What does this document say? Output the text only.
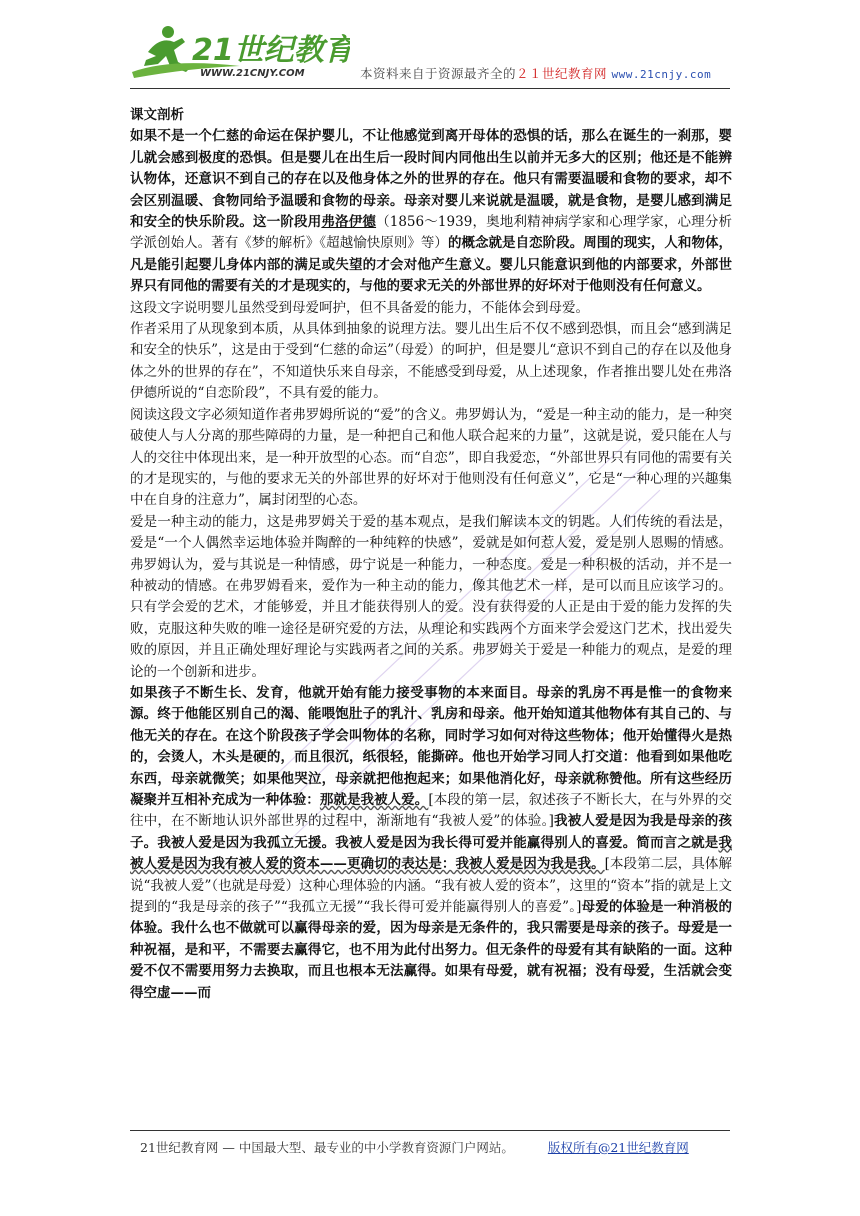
21世纪教育
WWW.21CNJY.COM	本资料来自于资源最齐全的２１世纪教育网 www.21cnjy.com

课文剖析

如果不是一个仁慈的命运在保护婴儿，不让他感觉到离开母体的恐惧的话，那么在诞生的一刹那，婴儿就会感到极度的恐惧。但是婴儿在出生后一段时间内同他出生以前并无多大的区别；他还是不能辨认物体，还意识不到自己的存在以及他身体之外的世界的存在。他只有需要温暖和食物的要求，却不会区别温暖、食物同给予温暖和食物的母亲。母亲对婴儿来说就是温暖，就是食物，是婴儿感到满足和安全的快乐阶段。这一阶段用弗洛伊德（1856～1939，奥地利精神病学家和心理学家，心理分析学派创始人。著有《梦的解析》《超越愉快原则》等）的概念就是自恋阶段。周围的现实，人和物体，凡是能引起婴儿身体内部的满足或失望的才会对他产生意义。婴儿只能意识到他的内部要求，外部世界只有同他的需要有关的才是现实的，与他的要求无关的外部世界的好坏对于他则没有任何意义。

这段文字说明婴儿虽然受到母爱呵护，但不具备爱的能力，不能体会到母爱。

作者采用了从现象到本质，从具体到抽象的说理方法。婴儿出生后不仅不感到恐惧，而且会“感到满足和安全的快乐”，这是由于受到“仁慈的命运”（母爱）的呵护，但是婴儿“意识不到自己的存在以及他身体之外的世界的存在”，不知道快乐来自母亲，不能感受到母爱，从上述现象，作者推出婴儿处在弗洛伊德所说的“自恋阶段”，不具有爱的能力。

阅读这段文字必须知道作者弗罗姆所说的“爱”的含义。弗罗姆认为，“爱是一种主动的能力，是一种突破使人与人分离的那些障碍的力量，是一种把自己和他人联合起来的力量”，这就是说，爱只能在人与人的交往中体现出来，是一种开放型的心态。而“自恋”，即自我爱恋，“外部世界只有同他的需要有关的才是现实的，与他的要求无关的外部世界的好坏对于他则没有任何意义”，它是“一种心理的兴趣集中在自身的注意力”，属封闭型的心态。

爱是一种主动的能力，这是弗罗姆关于爱的基本观点，是我们解读本文的钥匙。人们传统的看法是，爱是“一个人偶然幸运地体验并陶醉的一种纯粹的快感”，爱就是如何惹人爱，爱是别人恩赐的情感。弗罗姆认为，爱与其说是一种情感，毋宁说是一种能力，一种态度。爱是一种积极的活动，并不是一种被动的情感。在弗罗姆看来，爱作为一种主动的能力，像其他艺术一样，是可以而且应该学习的。只有学会爱的艺术，才能够爱，并且才能获得别人的爱。没有获得爱的人正是由于爱的能力发挥的失败，克服这种失败的唯一途径是研究爱的方法，从理论和实践两个方面来学会爱这门艺术，找出爱失败的原因，并且正确处理好理论与实践两者之间的关系。弗罗姆关于爱是一种能力的观点，是爱的理论的一个创新和进步。

如果孩子不断生长、发育，他就开始有能力接受事物的本来面目。母亲的乳房不再是惟一的食物来源。终于他能区别自己的渴、能喂饱肚子的乳汁、乳房和母亲。他开始知道其他物体有其自己的、与他无关的存在。在这个阶段孩子学会叫物体的名称，同时学习如何对待这些物体；他开始懂得火是热的，会烫人，木头是硬的，而且很沉，纸很轻，能撕碎。他也开始学习同人打交道：他看到如果他吃东西，母亲就微笑；如果他哭泣，母亲就把他抱起来；如果他消化好，母亲就称赞他。所有这些经历凝聚并互相补充成为一种体验：那就是我被人爱。[本段的第一层，叙述孩子不断长大，在与外界的交往中，在不断地认识外部世界的过程中，渐渐地有“我被人爱”的体验。]我被人爱是因为我是母亲的孩子。我被人爱是因为我孤立无援。我被人爱是因为我长得可爱并能赢得别人的喜爱。简而言之就是我被人爱是因为我有被人爱的资本——更确切的表达是：我被人爱是因为我是我。[本段第二层，具体解说“我被人爱”（也就是母爱）这种心理体验的内涵。“我有被人爱的资本”，这里的“资本”指的就是上文提到的“我是母亲的孩子”“我孤立无援”“我长得可爱并能赢得别人的喜爱”。]母爱的体验是一种消极的体验。我什么也不做就可以赢得母亲的爱，因为母亲是无条件的，我只需要是母亲的孩子。母爱是一种祝福，是和平，不需要去赢得它，也不用为此付出努力。但无条件的母爱有其有缺陷的一面。这种爱不仅不需要用努力去换取，而且也根本无法赢得。如果有母爱，就有祝福；没有母爱，生活就会变得空虚——而

21世纪教育网 — 中国最大型、最专业的中小学教育资源门户网站。	版权所有@21世纪教育网
